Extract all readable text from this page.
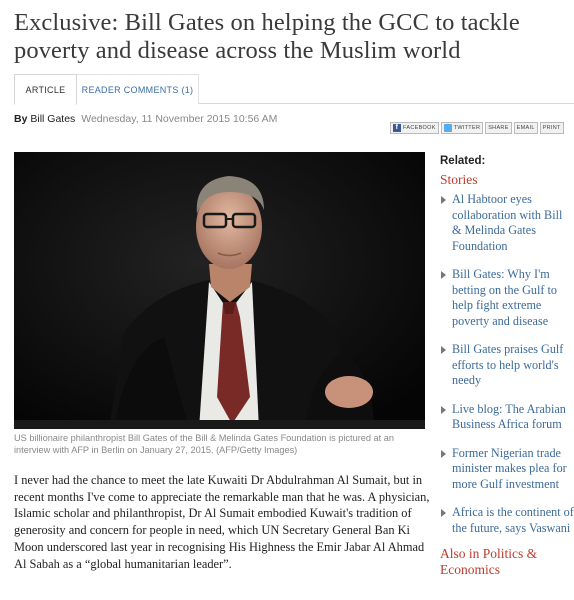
Exclusive: Bill Gates on helping the GCC to tackle poverty and disease across the Muslim world
ARTICLE	READER COMMENTS (1)
By Bill Gates Wednesday, 11 November 2015 10:56 AM
f FACEBOOK	TWITTER SHARE EMAIL PRINT

US billionaire philanthropist Bill Gates of the Bill & Melinda Gates Foundation is pictured at an interview with AFP in Berlin on January 27, 2015. (AFP/Getty Images)

I never had the chance to meet the late Kuwaiti Dr Abdulrahman Al Sumait, but in recent months I've come to appreciate the remarkable man that he was. A physician, Islamic scholar and philanthropist, Dr Al Sumait embodied Kuwait's tradition of generosity and concern for people in need, which UN Secretary General Ban Ki Moon underscored last year in recognising His Highness the Emir Jabar Al Ahmad Al Sabah as a “global humanitarian leader”.

Related:
Stories
Al Habtoor eyes collaboration with Bill & Melinda Gates Foundation
Bill Gates: Why I'm betting on the Gulf to help fight extreme poverty and disease
Bill Gates praises Gulf efforts to help world's needy
Live blog: The Arabian Business Africa forum
Former Nigerian trade minister makes plea for more Gulf investment
Africa is the continent of the future, says Vaswani
Also in Politics & Economics
